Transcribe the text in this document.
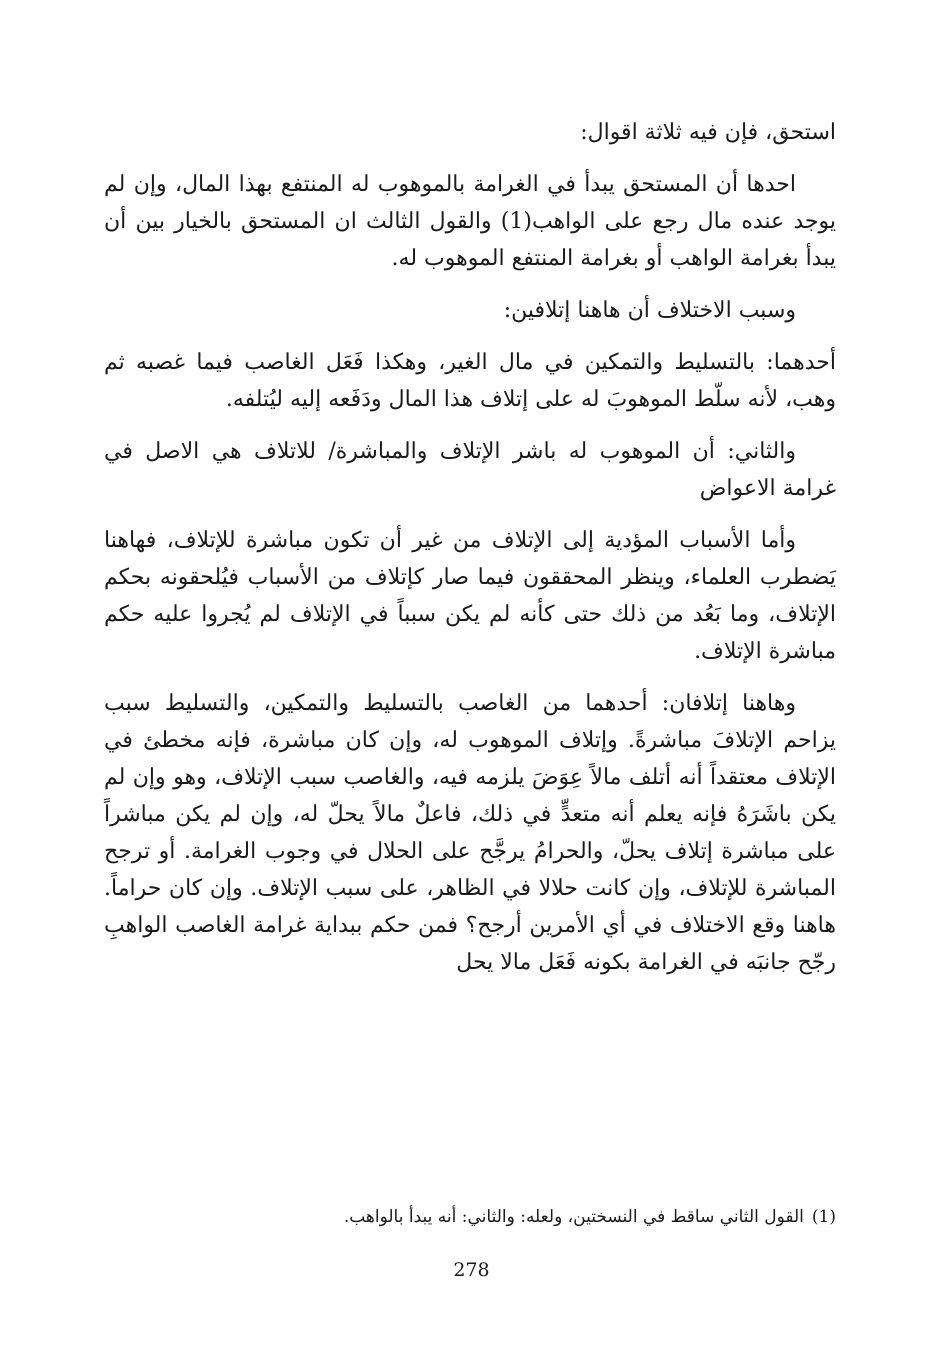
استحق، فإن فيه ثلاثة اقوال:

احدها أن المستحق يبدأ في الغرامة بالموهوب له المنتفع بهذا المال، وإن لم يوجد عنده مال رجع على الواهب(1) والقول الثالث ان المستحق بالخيار بين أن يبدأ بغرامة الواهب أو بغرامة المنتفع الموهوب له.

وسبب الاختلاف أن هاهنا إتلافين:

أحدهما: بالتسليط والتمكين في مال الغير، وهكذا فَعَل الغاصب فيما غصبه ثم وهب، لأنه سلّط الموهوبَ له على إتلاف هذا المال ودَفَعه إليه ليُتلفه.

والثاني: أن الموهوب له باشر الإتلاف والمباشرة/ للاتلاف هي الاصل في غرامة الاعواض

وأما الأسباب المؤدية إلى الإتلاف من غير أن تكون مباشرة للإتلاف، فهاهنا يَضطرب العلماء، وينظر المحققون فيما صار كإتلاف من الأسباب فيُلحقونه بحكم الإتلاف، وما بَعُد من ذلك حتى كأنه لم يكن سبباً في الإتلاف لم يُجروا عليه حكم مباشرة الإتلاف.

وهاهنا إتلافان: أحدهما من الغاصب بالتسليط والتمكين، والتسليط سبب يزاحم الإتلافَ مباشرةً. وإتلاف الموهوب له، وإن كان مباشرة، فإنه مخطئ في الإتلاف معتقداً أنه أتلف مالاً عِوَضَ يلزمه فيه، والغاصب سبب الإتلاف، وهو وإن لم يكن باشَرَهُ فإنه يعلم أنه متعدٍّ في ذلك، فاعلٌ مالاً يحلّ له، وإن لم يكن مباشراً على مباشرة إتلاف يحلّ، والحرامُ يرجَّح على الحلال في وجوب الغرامة. أو ترجح المباشرة للإتلاف، وإن كانت حلالا في الظاهر، على سبب الإتلاف. وإن كان حراماً. هاهنا وقع الاختلاف في أي الأمرين أرجح؟ فمن حكم ببداية غرامة الغاصب الواهبِ رجّح جانبَه في الغرامة بكونه فَعَل مالا يحل

(1)القول الثاني ساقط في النسختين، ولعله: والثاني: أنه يبدأ بالواهب.

278
